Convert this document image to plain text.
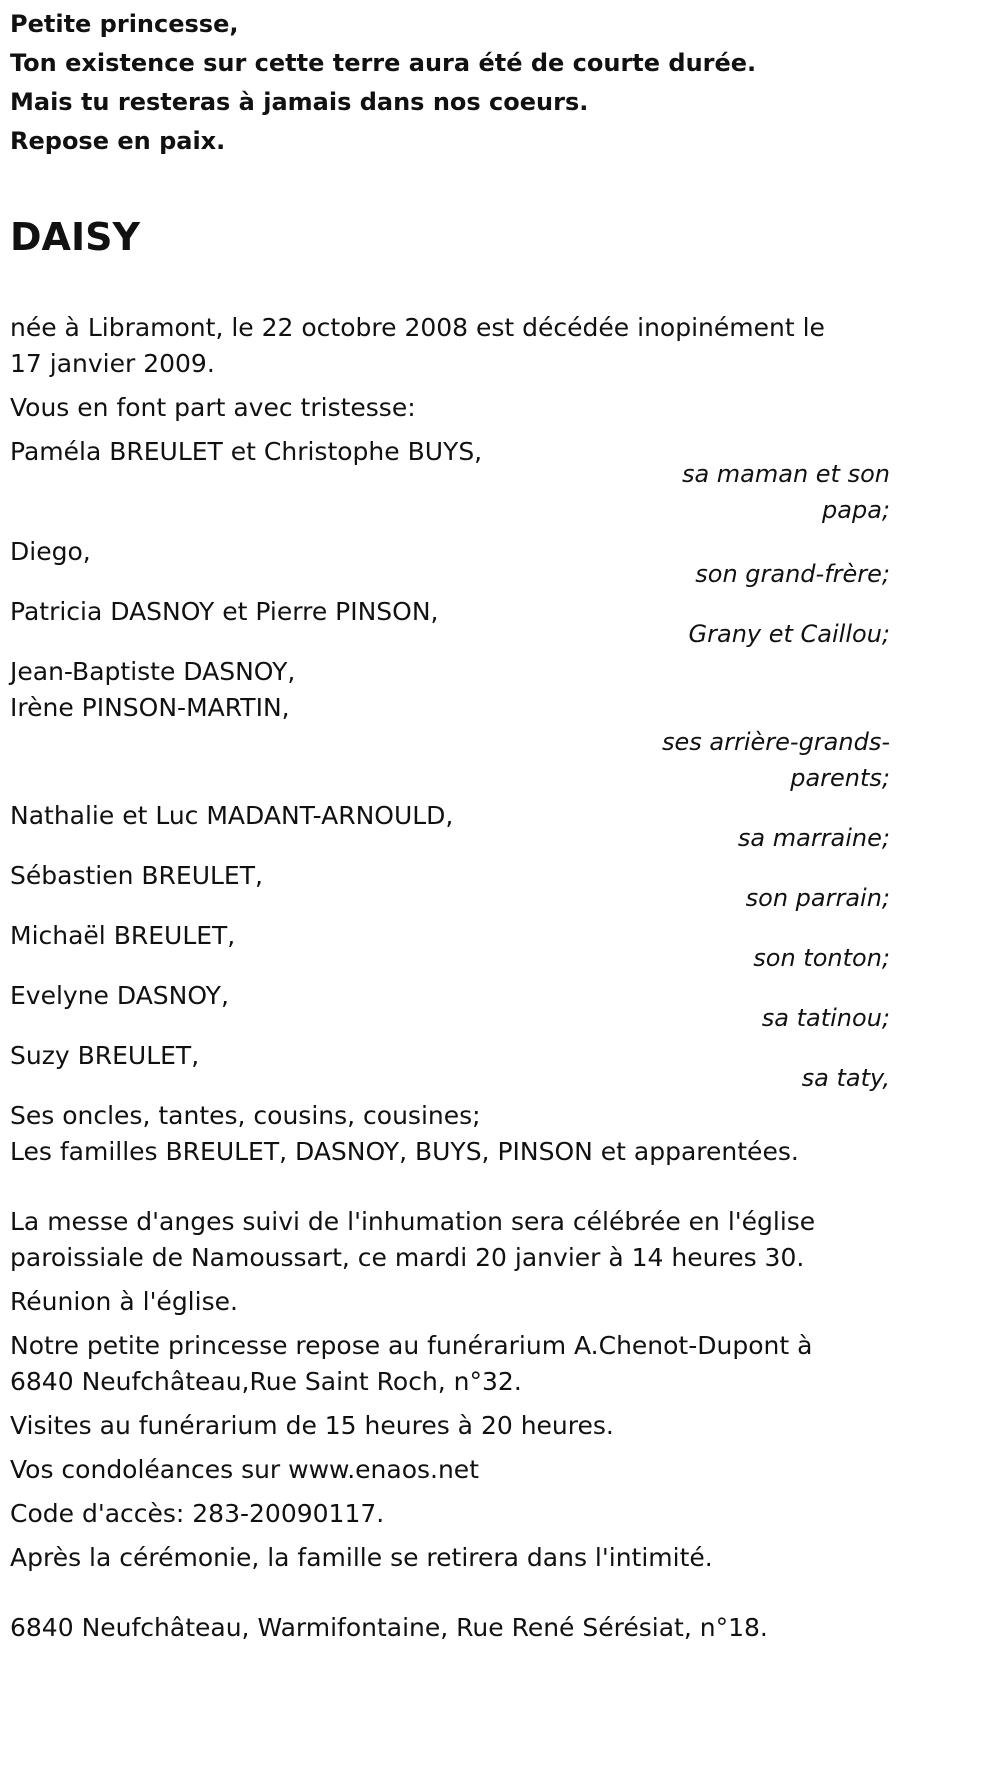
Petite princesse,

Ton existence sur cette terre aura été de courte durée.

Mais tu resteras à jamais dans nos coeurs.

Repose en paix.

DAISY

née à Libramont, le 22 octobre 2008 est décédée inopinément le 17 janvier 2009.

Vous en font part avec tristesse:

Paméla BREULET et Christophe BUYS,

sa maman et son papa;

Diego,

son grand-frère;

Patricia DASNOY et Pierre PINSON,

Grany et Caillou;

Jean-Baptiste DASNOY,

Irène PINSON-MARTIN,

ses arrière-grands-parents;

Nathalie et Luc MADANT-ARNOULD,

sa marraine;

Sébastien BREULET,

son parrain;

Michaël BREULET,

son tonton;

Evelyne DASNOY,

sa tatinou;

Suzy BREULET,

sa taty,

Ses oncles, tantes, cousins, cousines;

Les familles BREULET, DASNOY, BUYS, PINSON et apparentées.

La messe d'anges suivi de l'inhumation sera célébrée en l'église paroissiale de Namoussart, ce mardi 20 janvier à 14 heures 30.

Réunion à l'église.

Notre petite princesse repose au funérarium A.Chenot-Dupont à 6840 Neufchâteau,Rue Saint Roch, n°32.

Visites au funérarium de 15 heures à 20 heures.

Vos condoléances sur www.enaos.net

Code d'accès: 283-20090117.

Après la cérémonie, la famille se retirera dans l'intimité.

6840 Neufchâteau, Warmifontaine, Rue René Sérésiat, n°18.
